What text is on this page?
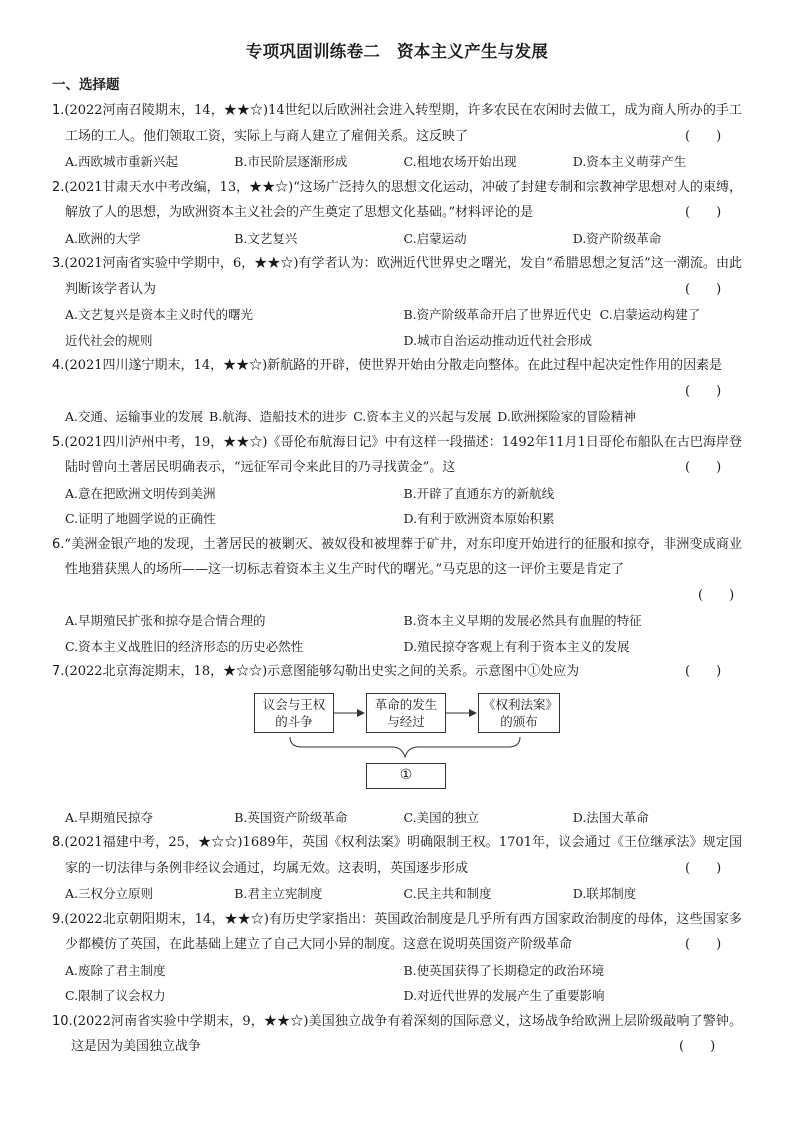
专项巩固训练卷二　资本主义产生与发展
一、选择题
1.(2022河南召陵期末，14，★★☆)14世纪以后欧洲社会进入转型期，许多农民在农闲时去做工，成为商人所办的手工工场的工人。他们领取工资，实际上与商人建立了雇佣关系。这反映了	(　　)
A.西欧城市重新兴起	B.市民阶层逐渐形成	C.租地农场开始出现	D.资本主义萌芽产生
2.(2021甘肃天水中考改编，13，★★☆)“这场广泛持久的思想文化运动，冲破了封建专制和宗教神学思想对人的束缚，解放了人的思想，为欧洲资本主义社会的产生奠定了思想文化基础。”材料评论的是	(　　)
A.欧洲的大学	B.文艺复兴	C.启蒙运动	D.资产阶级革命
3.(2021河南省实验中学期中，6，★★☆)有学者认为：欧洲近代世界史之曙光，发自“希腊思想之复活”这一潮流。由此判断该学者认为	(　　)
A.文艺复兴是资本主义时代的曙光	B.资产阶级革命开启了世界近代史 C.启蒙运动构建了
近代社会的规则	D.城市自治运动推动近代社会形成
4.(2021四川遂宁期末，14，★★☆)新航路的开辟，使世界开始由分散走向整体。在此过程中起决定性作用的因素是
(　　)
A.交通、运输事业的发展 B.航海、造船技术的进步 C.资本主义的兴起与发展 D.欧洲探险家的冒险精神
5.(2021四川泸州中考，19，★★☆)《哥伦布航海日记》中有这样一段描述：1492年11月1日哥伦布船队在古巴海岸登陆时曾向土著居民明确表示，“远征军司令来此目的乃寻找黄金”。这	(　　)
A.意在把欧洲文明传到美洲	B.开辟了直通东方的新航线
C.证明了地圆学说的正确性	D.有利于欧洲资本原始积累
6.“美洲金银产地的发现，土著居民的被剿灭、被奴役和被埋葬于矿井，对东印度开始进行的征服和掠夺，非洲变成商业性地猎获黑人的场所——这一切标志着资本主义生产时代的曙光。”马克思的这一评价主要是肯定了
(　　)
A.早期殖民扩张和掠夺是合情合理的	B.资本主义早期的发展必然具有血腥的特征
C.资本主义战胜旧的经济形态的历史必然性	D.殖民掠夺客观上有利于资本主义的发展
7.(2022北京海淀期末，18，★☆☆)示意图能够勾勒出史实之间的关系。示意图中①处应为	(　　)
议会与王权
的斗争
革命的发生
与经过
《权利法案》
的颁布
①
A.早期殖民掠夺	B.英国资产阶级革命	C.美国的独立	D.法国大革命
8.(2021福建中考，25，★☆☆)1689年，英国《权利法案》明确限制王权。1701年，议会通过《王位继承法》规定国家的一切法律与条例非经议会通过，均属无效。这表明，英国逐步形成	(　　)
A.三权分立原则	B.君主立宪制度	C.民主共和制度	D.联邦制度
9.(2022北京朝阳期末，14，★★☆)有历史学家指出：英国政治制度是几乎所有西方国家政治制度的母体，这些国家多少都模仿了英国，在此基础上建立了自己大同小异的制度。这意在说明英国资产阶级革命	(　　)
A.废除了君主制度	B.使英国获得了长期稳定的政治环境
C.限制了议会权力	D.对近代世界的发展产生了重要影响
10.(2022河南省实验中学期末，9，★★☆)美国独立战争有着深刻的国际意义，这场战争给欧洲上层阶级敲响了警钟。这是因为美国独立战争	(　　)
